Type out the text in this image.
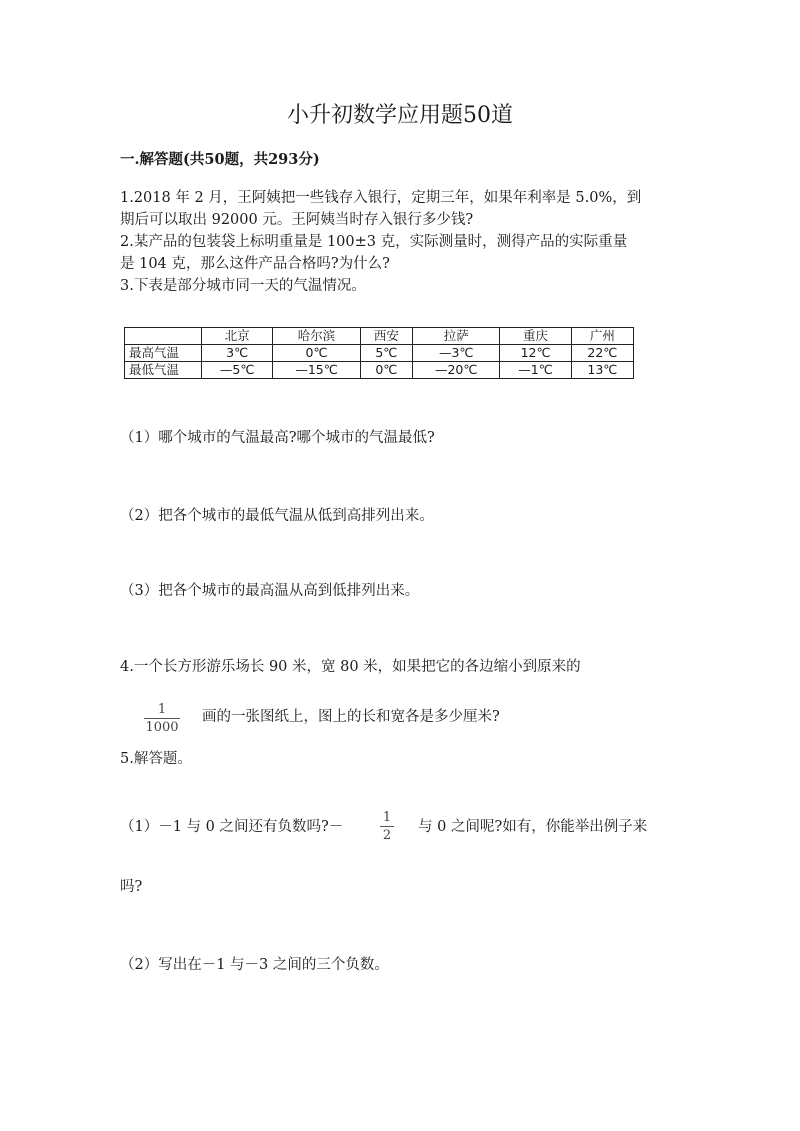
小升初数学应用题50道
一.解答题(共50题，共293分)
1.2018 年 2 月，王阿姨把一些钱存入银行，定期三年，如果年利率是 5.0%，到
期后可以取出 92000 元。王阿姨当时存入银行多少钱?
2.某产品的包装袋上标明重量是 100±3 克，实际测量时，测得产品的实际重量
是 104 克，那么这件产品合格吗?为什么?
3.下表是部分城市同一天的气温情况。
	北京	哈尔滨	西安	拉萨	重庆	广州
最高气温	3℃	0℃	5℃	—3℃	12℃	22℃
最低气温	—5℃	—15℃	0℃	—20℃	—1℃	13℃
（1）哪个城市的气温最高?哪个城市的气温最低?
（2）把各个城市的最低气温从低到高排列出来。
（3）把各个城市的最高温从高到低排列出来。
4.一个长方形游乐场长 90 米，宽 80 米，如果把它的各边缩小到原来的
1
1000
画的一张图纸上，图上的长和宽各是多少厘米?
5.解答题。
（1）－1 与 0 之间还有负数吗?－
1
2
与 0 之间呢?如有，你能举出例子来
吗?
（2）写出在－1 与－3 之间的三个负数。
